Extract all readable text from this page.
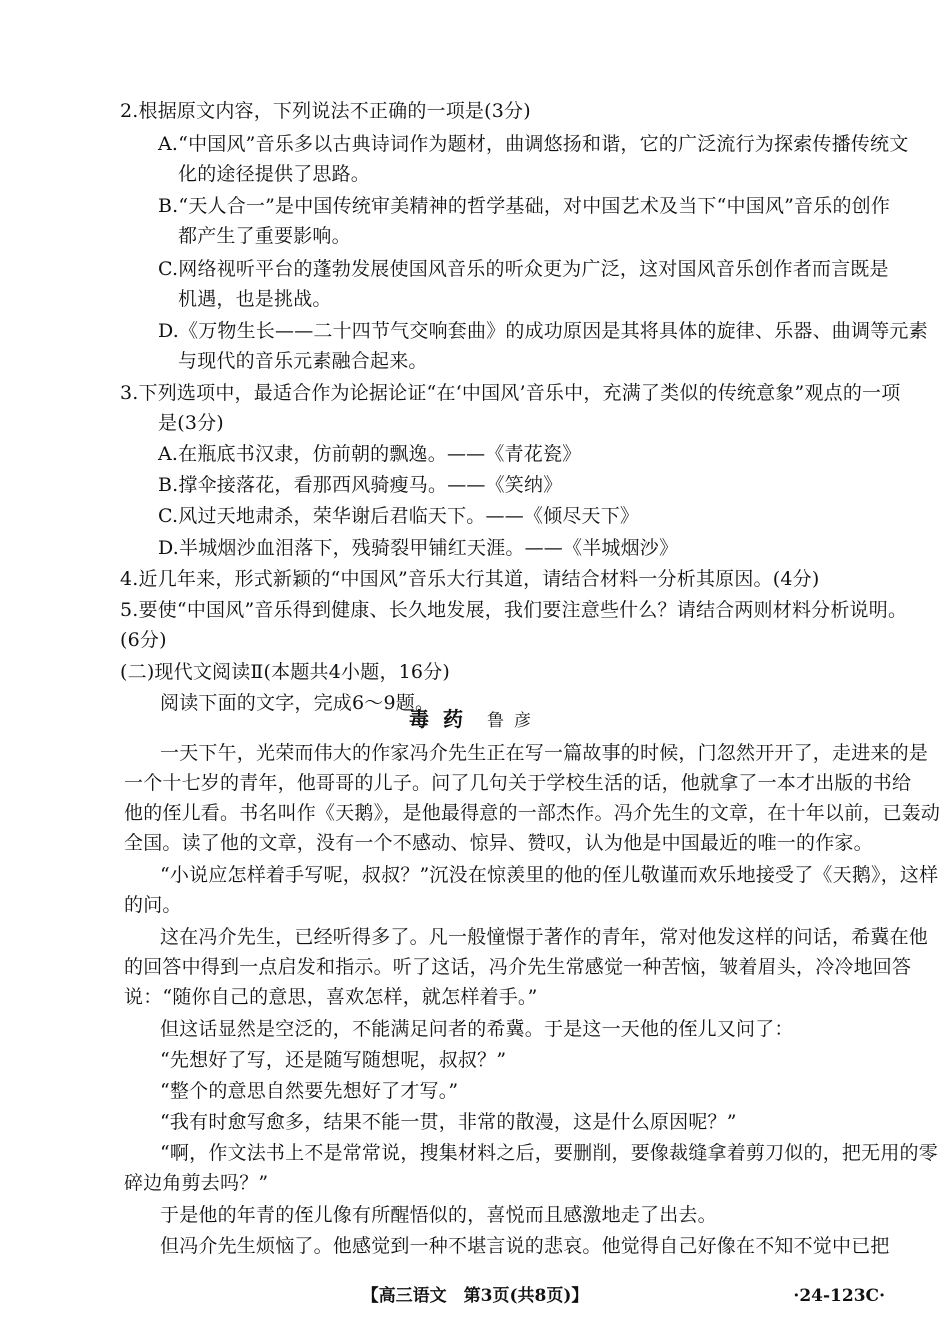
2.根据原文内容，下列说法不正确的一项是(3分)
A.“中国风”音乐多以古典诗词作为题材，曲调悠扬和谐，它的广泛流行为探索传播传统文
化的途径提供了思路。
B.“天人合一”是中国传统审美精神的哲学基础，对中国艺术及当下“中国风”音乐的创作
都产生了重要影响。
C.网络视听平台的蓬勃发展使国风音乐的听众更为广泛，这对国风音乐创作者而言既是
机遇，也是挑战。
D.《万物生长——二十四节气交响套曲》的成功原因是其将具体的旋律、乐器、曲调等元素
与现代的音乐元素融合起来。
3.下列选项中，最适合作为论据论证“在‘中国风’音乐中，充满了类似的传统意象”观点的一项
是(3分)
A.在瓶底书汉隶，仿前朝的飘逸。——《青花瓷》
B.撑伞接落花，看那西风骑瘦马。——《笑纳》
C.风过天地肃杀，荣华谢后君临天下。——《倾尽天下》
D.半城烟沙血泪落下，残骑裂甲铺红天涯。——《半城烟沙》
4.近几年来，形式新颖的“中国风”音乐大行其道，请结合材料一分析其原因。(4分)
5.要使“中国风”音乐得到健康、长久地发展，我们要注意些什么？请结合两则材料分析说明。
(6分)
(二)现代文阅读Ⅱ(本题共4小题，16分)
阅读下面的文字，完成6～9题。
毒药 鲁彦
一天下午，光荣而伟大的作家冯介先生正在写一篇故事的时候，门忽然开开了，走进来的是
一个十七岁的青年，他哥哥的儿子。问了几句关于学校生活的话，他就拿了一本才出版的书给
他的侄儿看。书名叫作《天鹅》，是他最得意的一部杰作。冯介先生的文章，在十年以前，已轰动
全国。读了他的文章，没有一个不感动、惊异、赞叹，认为他是中国最近的唯一的作家。
“小说应怎样着手写呢，叔叔？”沉没在惊羡里的他的侄儿敬谨而欢乐地接受了《天鹅》，这样
的问。
这在冯介先生，已经听得多了。凡一般憧憬于著作的青年，常对他发这样的问话，希冀在他
的回答中得到一点启发和指示。听了这话，冯介先生常感觉一种苦恼，皱着眉头，冷冷地回答
说：“随你自己的意思，喜欢怎样，就怎样着手。”
但这话显然是空泛的，不能满足问者的希冀。于是这一天他的侄儿又问了：
“先想好了写，还是随写随想呢，叔叔？”
“整个的意思自然要先想好了才写。”
“我有时愈写愈多，结果不能一贯，非常的散漫，这是什么原因呢？”
“啊，作文法书上不是常常说，搜集材料之后，要删削，要像裁缝拿着剪刀似的，把无用的零
碎边角剪去吗？”
于是他的年青的侄儿像有所醒悟似的，喜悦而且感激地走了出去。
但冯介先生烦恼了。他感觉到一种不堪言说的悲哀。他觉得自己好像在不知不觉中已把
【高三语文　第3页(共8页)】	·24-123C·
